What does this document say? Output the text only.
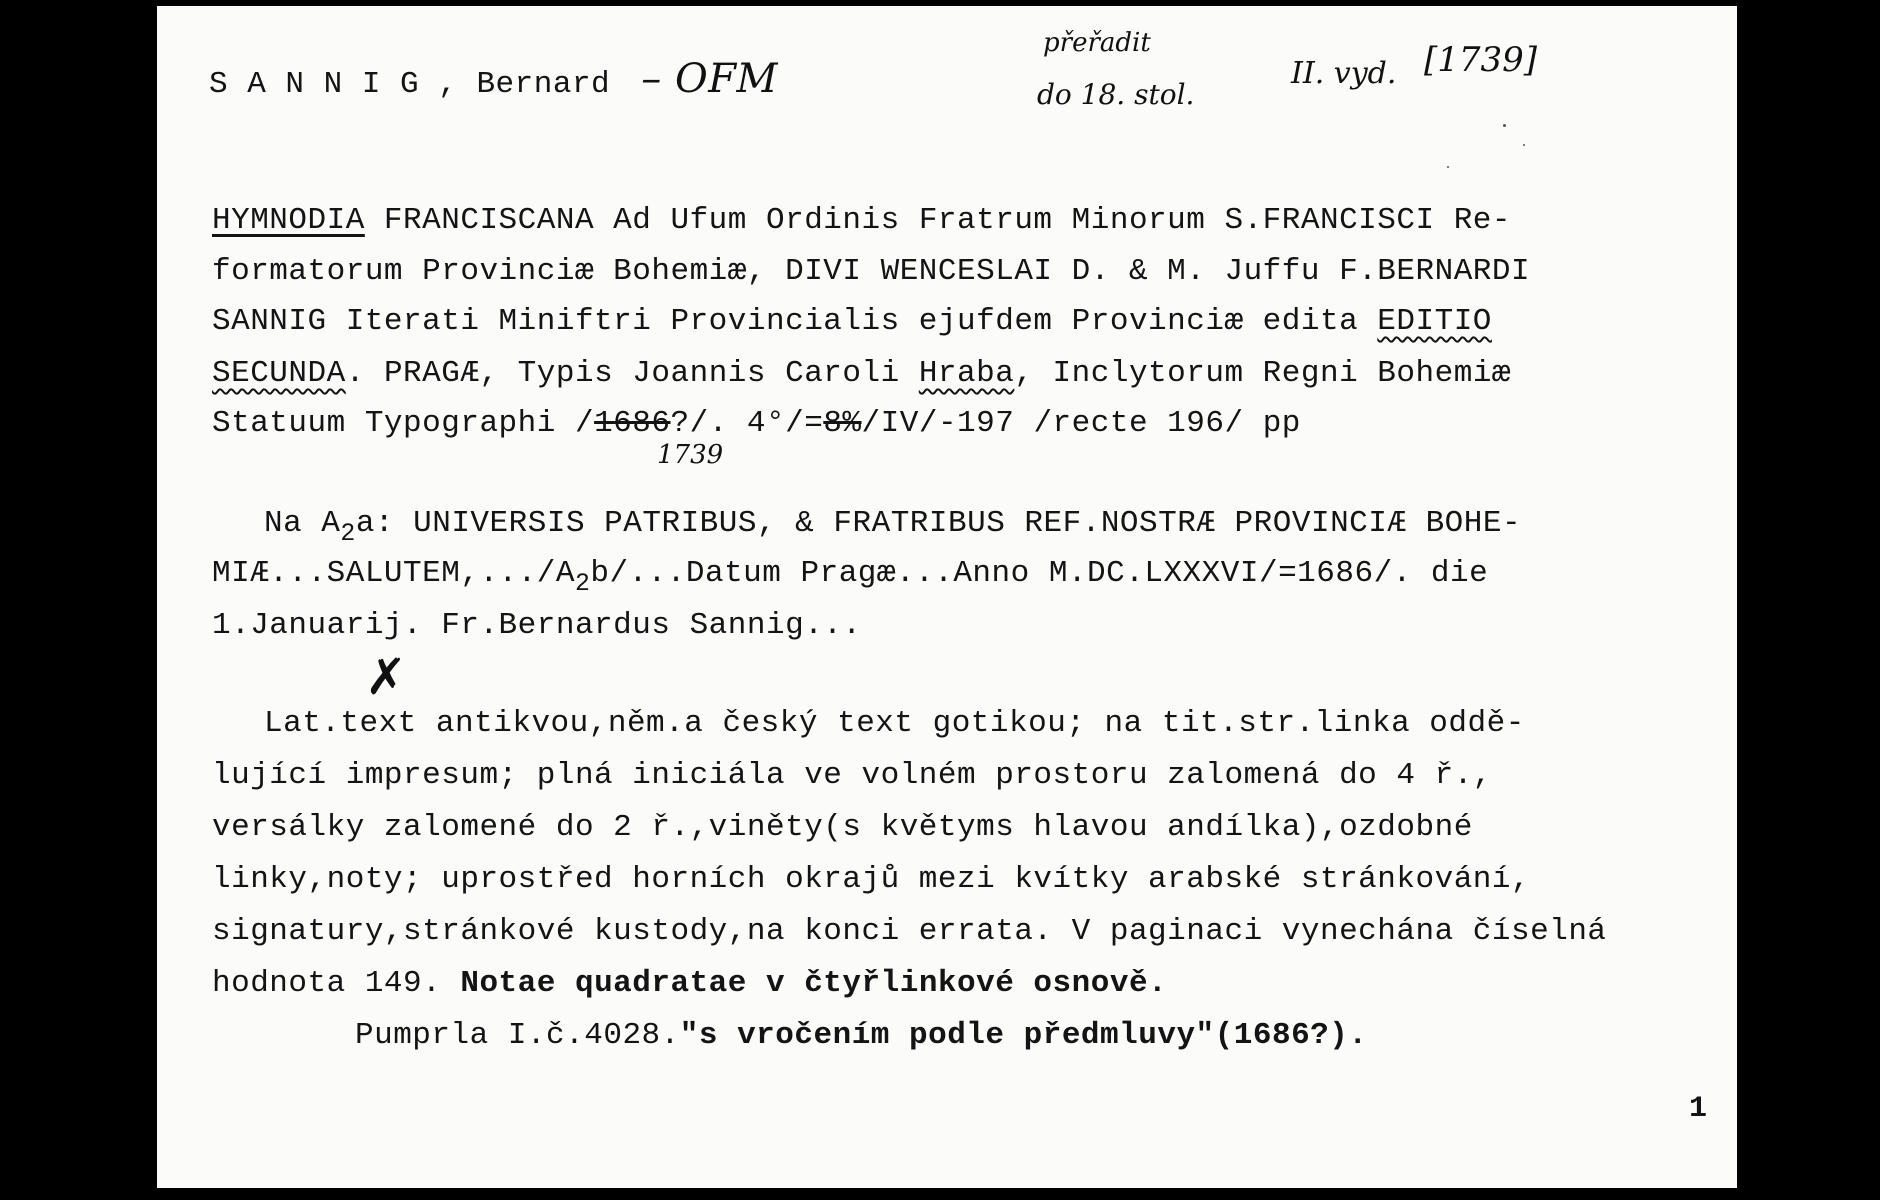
S A N N I G , Bernard – OFM
přeřadit
do 18. stol.
II. vyd. [1739]
HYMNODIA FRANCISCANA Ad Ufum Ordinis Fratrum Minorum S.FRANCISCI Re-
formatorum Provinciæ Bohemiæ, DIVI WENCESLAI D. & M. Juffu F.BERNARDI
SANNIG Iterati Miniftri Provincialis ejufdem Provinciæ edita EDITIO
SECUNDA. PRAGÆ, Typis Joannis Caroli Hraba, Inclytorum Regni Bohemiæ
Statuum Typographi /1686?/. 4°/=8%/IV/-197 /recte 196/ pp
1739
Na $A_2a$: UNIVERSIS PATRIBUS, & FRATRIBUS REF.NOSTRÆ PROVINCIÆ BOHE-
$MIÆ...SALUTEM,.../A_2b/...Datum$ Pragæ...Anno M.DC.LXXXVI/=1686/. die
1.Januarij. Fr.Bernardus Sannig...
✗
Lat.text antikvou,něm.a český text gotikou; na tit.str.linka oddě-
lující impresum; plná iniciála ve volném prostoru zalomená do 4 ř.,
versálky zalomené do 2 ř.,viněty(s květyms hlavou andílka),ozdobné
linky,noty; uprostřed horních okrajů mezi kvítky arabské stránkování,
signatury,stránkové kustody,na konci errata. V paginaci vynechána číselná
hodnota 149. Notae quadratae v čtyřlinkové osnově.
Pumprla I.č.4028."s vročením podle předmluvy"(1686?).
1
